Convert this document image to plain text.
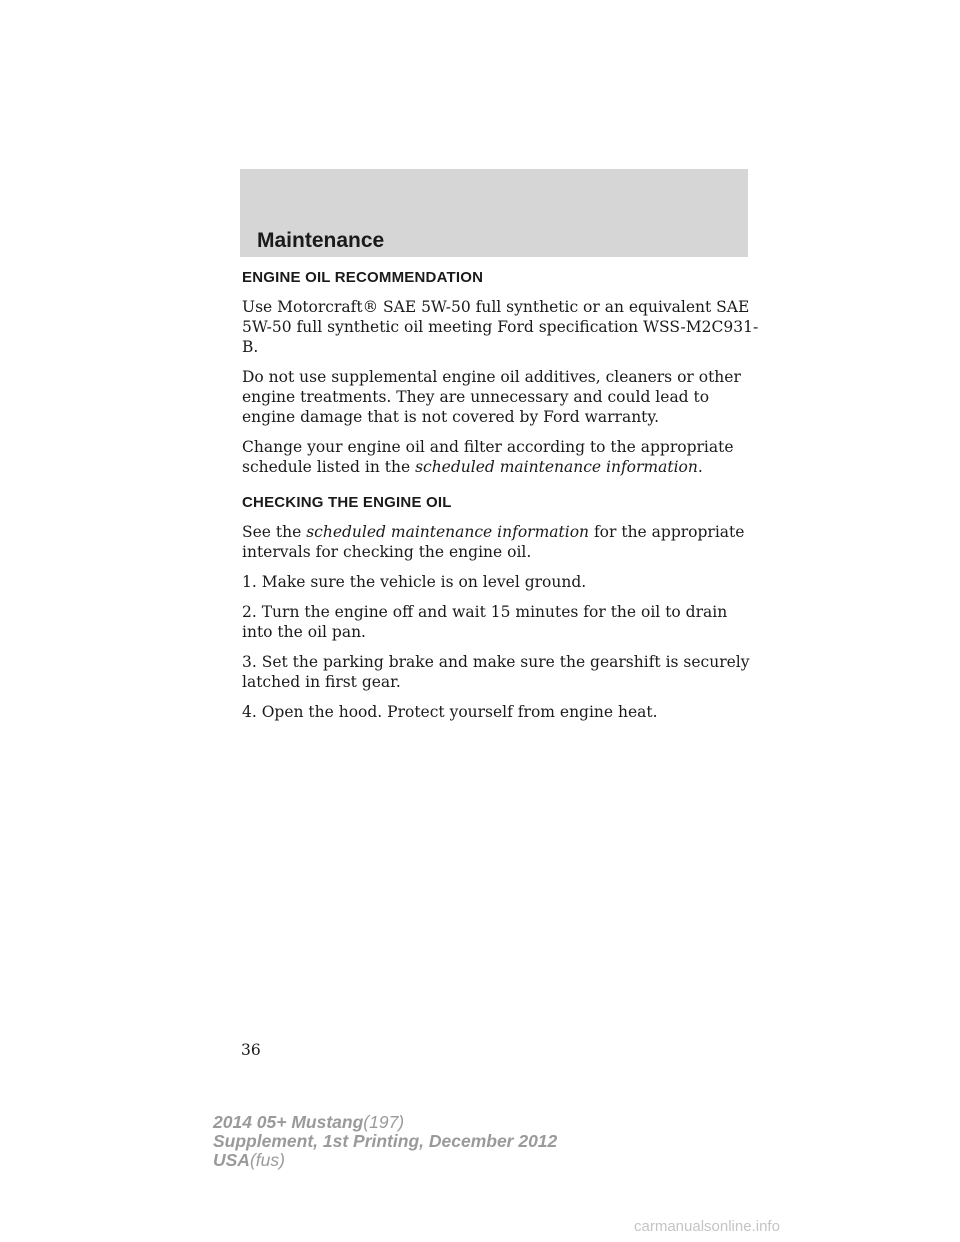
Maintenance
ENGINE OIL RECOMMENDATION

Use Motorcraft® SAE 5W-50 full synthetic or an equivalent SAE 5W-50 full synthetic oil meeting Ford specification WSS-M2C931-B.

Do not use supplemental engine oil additives, cleaners or other engine treatments. They are unnecessary and could lead to engine damage that is not covered by Ford warranty.

Change your engine oil and filter according to the appropriate schedule listed in the scheduled maintenance information.

CHECKING THE ENGINE OIL

See the scheduled maintenance information for the appropriate intervals for checking the engine oil.

1. Make sure the vehicle is on level ground.

2. Turn the engine off and wait 15 minutes for the oil to drain into the oil pan.

3. Set the parking brake and make sure the gearshift is securely latched in first gear.

4. Open the hood. Protect yourself from engine heat.

36
2014 05+ Mustang(197)
Supplement, 1st Printing, December 2012
USA(fus)
carmanualsonline.info
